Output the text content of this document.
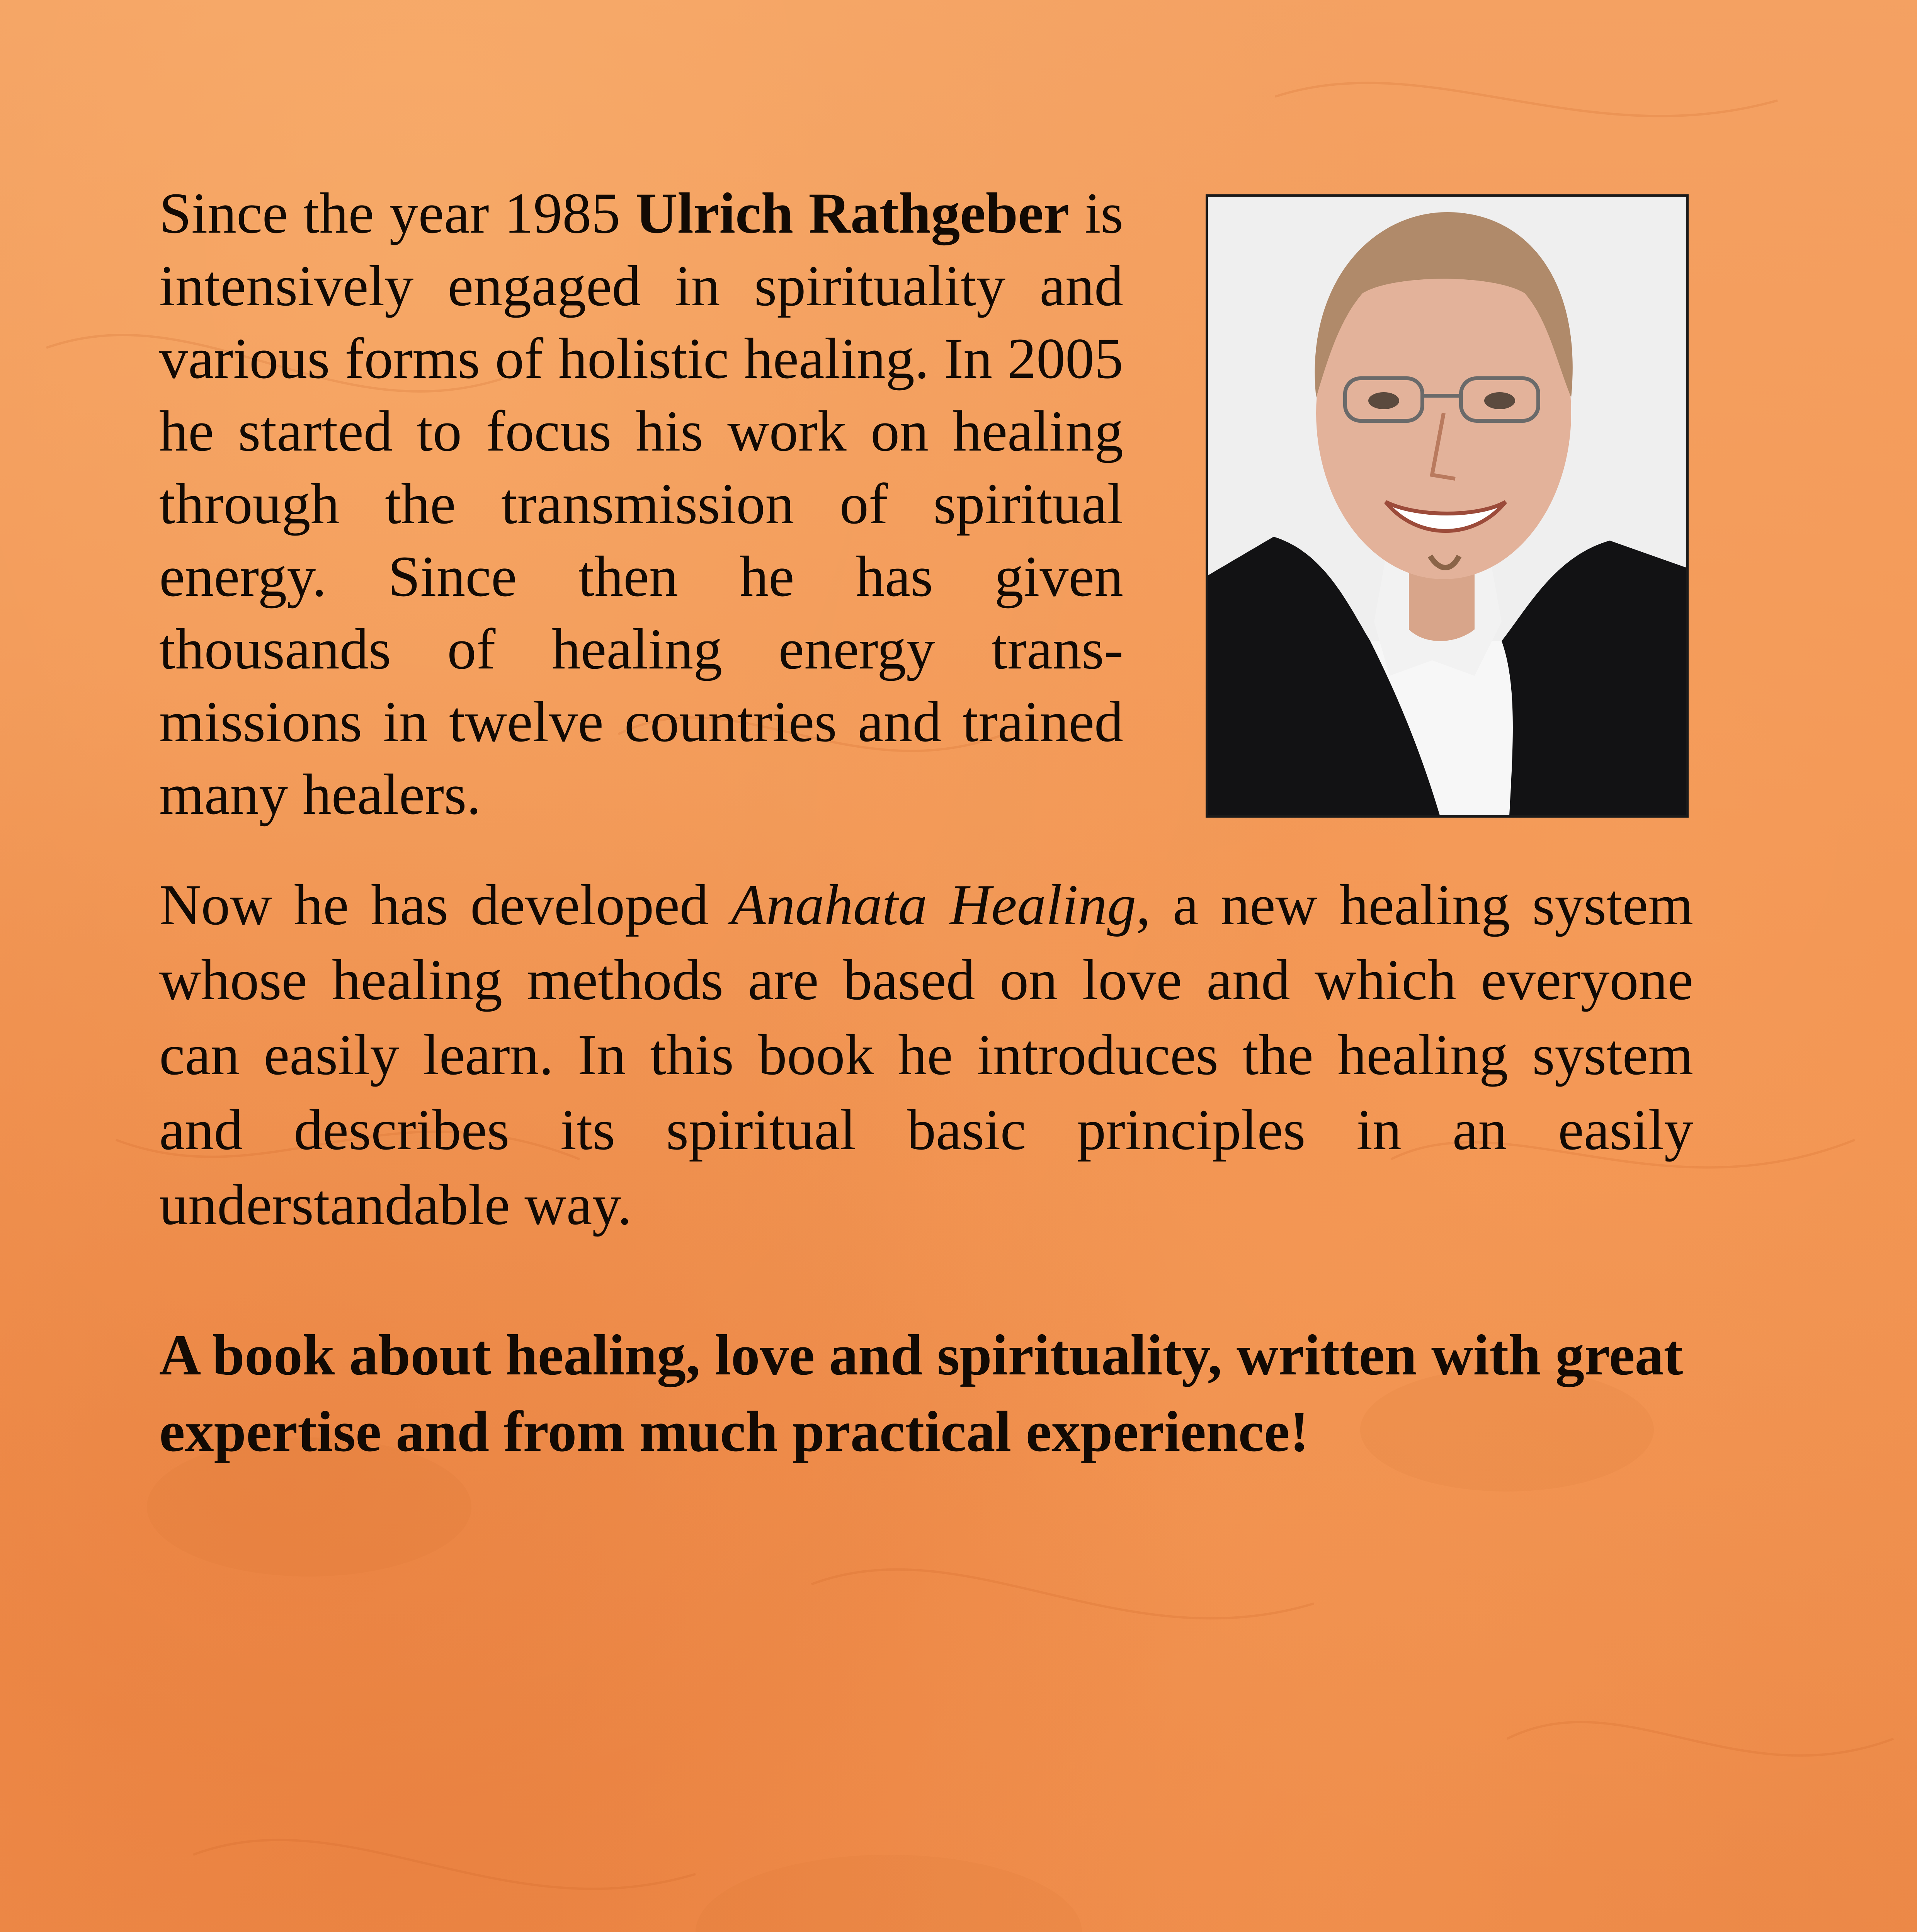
Since the year 1985 Ulrich Rathgeber is intensively engaged in spirituality and various forms of holistic healing. In 2005 he started to focus his work on healing through the transmission of spiritual energy. Since then he has given thousands of healing energy transmissions in twelve countries and trained many healers.

Now he has developed Anahata Healing, a new healing system whose healing methods are based on love and which everyone can easily learn. In this book he introduces the healing system and describes its spiritual basic principles in an easily understandable way.

A book about healing, love and spirituality, written with great expertise and from much practical experience!
